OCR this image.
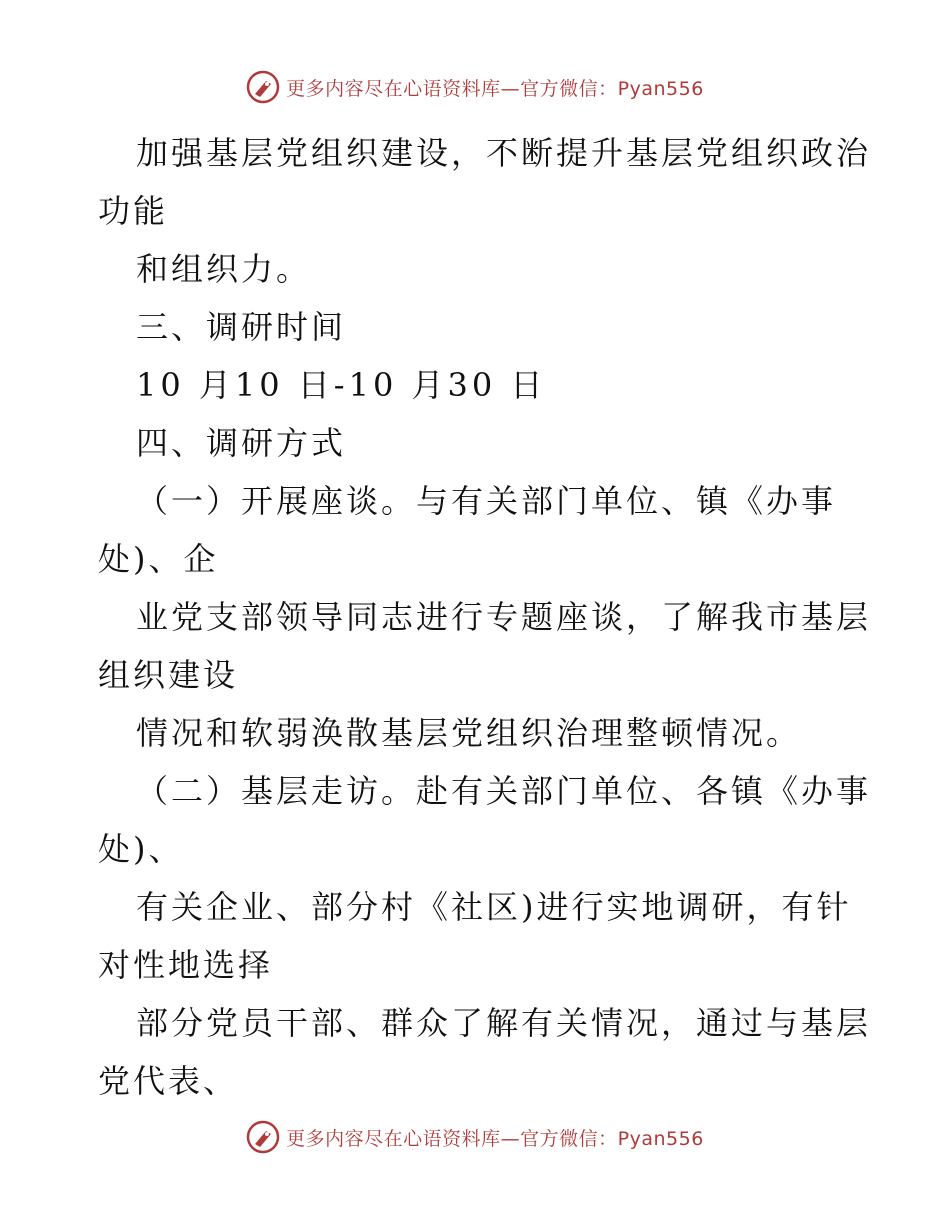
更多内容尽在心语资料库—官方微信：Pyan556
加强基层党组织建设，不断提升基层党组织政治
功能
和组织力。
三、调研时间
10 月10 日-10 月30 日
四、调研方式
（一）开展座谈。与有关部门单位、镇《办事
处)、企
业党支部领导同志进行专题座谈，了解我市基层
组织建设
情况和软弱涣散基层党组织治理整顿情况。
（二）基层走访。赴有关部门单位、各镇《办事
处)、
有关企业、部分村《社区)进行实地调研，有针
对性地选择
部分党员干部、群众了解有关情况，通过与基层
党代表、
更多内容尽在心语资料库—官方微信：Pyan556
